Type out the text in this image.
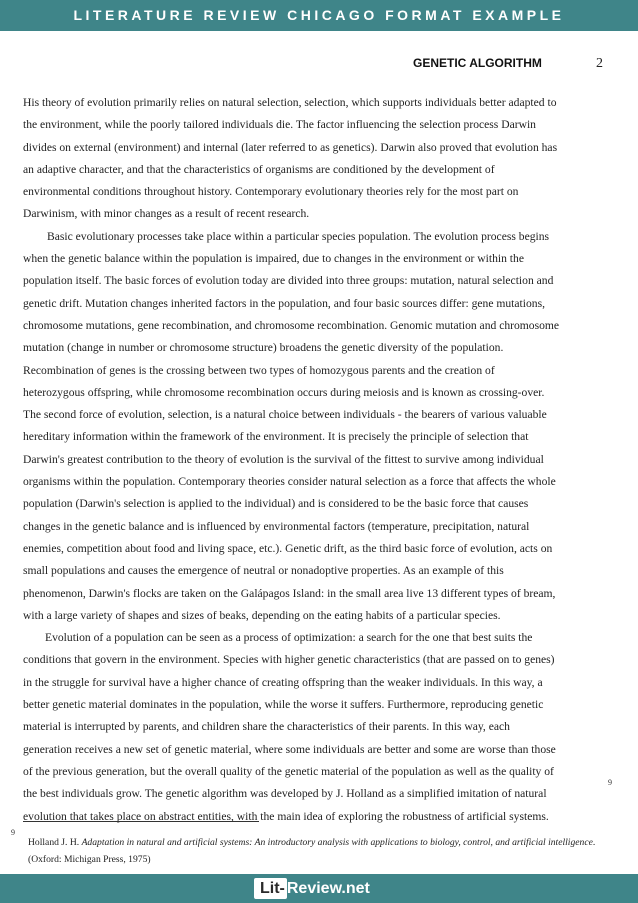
LITERATURE REVIEW CHICAGO FORMAT EXAMPLE
GENETIC ALGORITHM	2
His theory of evolution primarily relies on natural selection, selection, which supports individuals better adapted to
the environment, while the poorly tailored individuals die. The factor influencing the selection process Darwin
divides on external (environment) and internal (later referred to as genetics). Darwin also proved that evolution has
an adaptive character, and that the characteristics of organisms are conditioned by the development of
environmental conditions throughout history. Contemporary evolutionary theories rely for the most part on
Darwinism, with minor changes as a result of recent research.
Basic evolutionary processes take place within a particular species population. The evolution process begins
when the genetic balance within the population is impaired, due to changes in the environment or within the
population itself. The basic forces of evolution today are divided into three groups: mutation, natural selection and
genetic drift. Mutation changes inherited factors in the population, and four basic sources differ: gene mutations,
chromosome mutations, gene recombination, and chromosome recombination. Genomic mutation and chromosome
mutation (change in number or chromosome structure) broadens the genetic diversity of the population.
Recombination of genes is the crossing between two types of homozygous parents and the creation of
heterozygous offspring, while chromosome recombination occurs during meiosis and is known as crossing-over.
The second force of evolution, selection, is a natural choice between individuals - the bearers of various valuable
hereditary information within the framework of the environment. It is precisely the principle of selection that
Darwin's greatest contribution to the theory of evolution is the survival of the fittest to survive among individual
organisms within the population. Contemporary theories consider natural selection as a force that affects the whole
population (Darwin's selection is applied to the individual) and is considered to be the basic force that causes
changes in the genetic balance and is influenced by environmental factors (temperature, precipitation, natural
enemies, competition about food and living space, etc.). Genetic drift, as the third basic force of evolution, acts on
small populations and causes the emergence of neutral or nonadoptive properties. As an example of this
phenomenon, Darwin's flocks are taken on the Galápagos Island: in the small area live 13 different types of bream,
with a large variety of shapes and sizes of beaks, depending on the eating habits of a particular species.
Evolution of a population can be seen as a process of optimization: a search for the one that best suits the
conditions that govern in the environment. Species with higher genetic characteristics (that are passed on to genes)
in the struggle for survival have a higher chance of creating offspring than the weaker individuals. In this way, a
better genetic material dominates in the population, while the worse it suffers. Furthermore, reproducing genetic
material is interrupted by parents, and children share the characteristics of their parents. In this way, each
generation receives a new set of genetic material, where some individuals are better and some are worse than those
of the previous generation, but the overall quality of the genetic material of the population as well as the quality of
the best individuals grow. The genetic algorithm was developed by J. Holland as a simplified imitation of natural
evolution that takes place on abstract entities, with the main idea of exploring the robustness of artificial systems.
9
9
Holland J. H. Adaptation in natural and artificial systems: An introductory analysis with applications to biology, control, and artificial intelligence. (Oxford: Michigan Press, 1975)
Lit- Review.net
